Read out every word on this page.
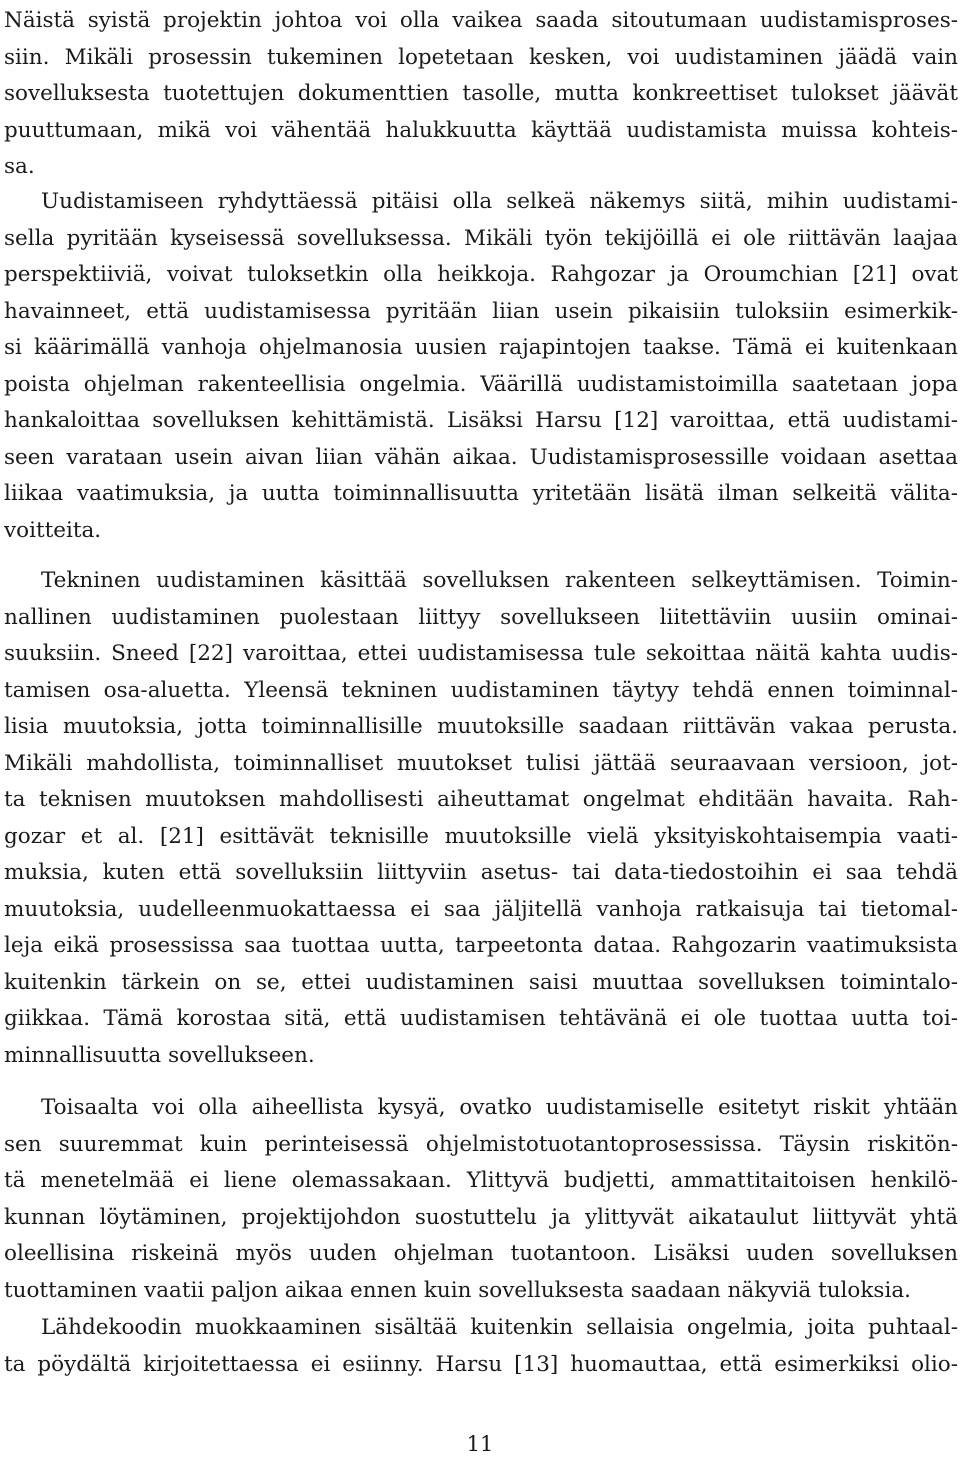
Näistä syistä projektin johtoa voi olla vaikea saada sitoutumaan uudistamisproses-
siin. Mikäli prosessin tukeminen lopetetaan kesken, voi uudistaminen jäädä vain
sovelluksesta tuotettujen dokumenttien tasolle, mutta konkreettiset tulokset jäävät
puuttumaan, mikä voi vähentää halukkuutta käyttää uudistamista muissa kohteis-
sa.
Uudistamiseen ryhdyttäessä pitäisi olla selkeä näkemys siitä, mihin uudistami-
sella pyritään kyseisessä sovelluksessa. Mikäli työn tekijöillä ei ole riittävän laajaa
perspektiiviä, voivat tuloksetkin olla heikkoja. Rahgozar ja Oroumchian [21] ovat
havainneet, että uudistamisessa pyritään liian usein pikaisiin tuloksiin esimerkik-
si käärimällä vanhoja ohjelmanosia uusien rajapintojen taakse. Tämä ei kuitenkaan
poista ohjelman rakenteellisia ongelmia. Väärillä uudistamistoimilla saatetaan jopa
hankaloittaa sovelluksen kehittämistä. Lisäksi Harsu [12] varoittaa, että uudistami-
seen varataan usein aivan liian vähän aikaa. Uudistamisprosessille voidaan asettaa
liikaa vaatimuksia, ja uutta toiminnallisuutta yritetään lisätä ilman selkeitä välita-
voitteita.
Tekninen uudistaminen käsittää sovelluksen rakenteen selkeyttämisen. Toimin-
nallinen uudistaminen puolestaan liittyy sovellukseen liitettäviin uusiin ominai-
suuksiin. Sneed [22] varoittaa, ettei uudistamisessa tule sekoittaa näitä kahta uudis-
tamisen osa-aluetta. Yleensä tekninen uudistaminen täytyy tehdä ennen toiminnal-
lisia muutoksia, jotta toiminnallisille muutoksille saadaan riittävän vakaa perusta.
Mikäli mahdollista, toiminnalliset muutokset tulisi jättää seuraavaan versioon, jot-
ta teknisen muutoksen mahdollisesti aiheuttamat ongelmat ehditään havaita. Rah-
gozar et al. [21] esittävät teknisille muutoksille vielä yksityiskohtaisempia vaati-
muksia, kuten että sovelluksiin liittyviin asetus- tai data-tiedostoihin ei saa tehdä
muutoksia, uudelleenmuokattaessa ei saa jäljitellä vanhoja ratkaisuja tai tietomal-
leja eikä prosessissa saa tuottaa uutta, tarpeetonta dataa. Rahgozarin vaatimuksista
kuitenkin tärkein on se, ettei uudistaminen saisi muuttaa sovelluksen toimintalo-
giikkaa. Tämä korostaa sitä, että uudistamisen tehtävänä ei ole tuottaa uutta toi-
minnallisuutta sovellukseen.
Toisaalta voi olla aiheellista kysyä, ovatko uudistamiselle esitetyt riskit yhtään
sen suuremmat kuin perinteisessä ohjelmistotuotantoprosessissa. Täysin riskitön-
tä menetelmää ei liene olemassakaan. Ylittyvä budjetti, ammattitaitoisen henkilö-
kunnan löytäminen, projektijohdon suostuttelu ja ylittyvät aikataulut liittyvät yhtä
oleellisina riskeinä myös uuden ohjelman tuotantoon. Lisäksi uuden sovelluksen
tuottaminen vaatii paljon aikaa ennen kuin sovelluksesta saadaan näkyviä tuloksia.
Lähdekoodin muokkaaminen sisältää kuitenkin sellaisia ongelmia, joita puhtaal-
ta pöydältä kirjoitettaessa ei esiinny. Harsu [13] huomauttaa, että esimerkiksi olio-
11
